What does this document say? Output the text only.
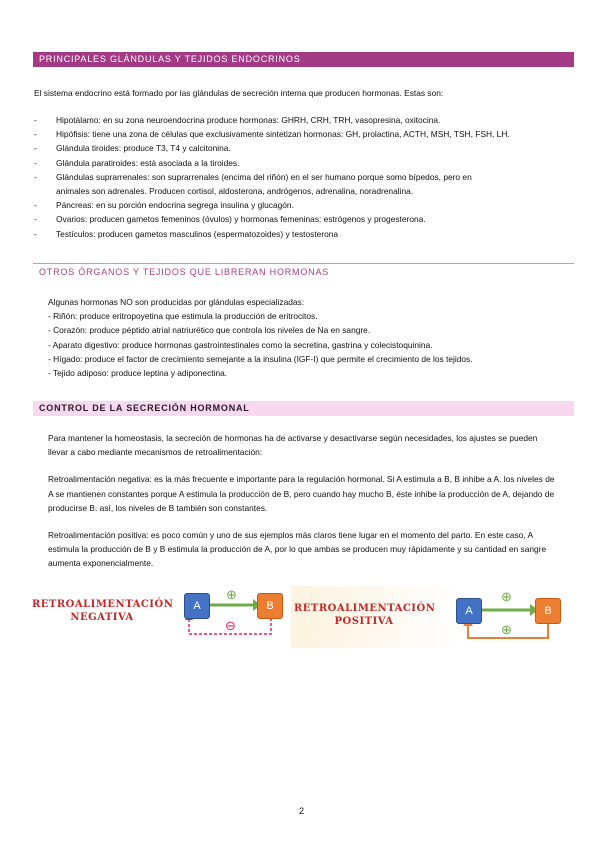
PRINCIPALES GLÁNDULAS Y TEJIDOS ENDOCRINOS
El sistema endocrino está formado por las glándulas de secreción interna que producen hormonas. Estas son:
- Hipotálamo: en su zona neuroendocrina produce hormonas: GHRH, CRH, TRH, vasopresina, oxitocina.
- Hipófisis: tiene una zona de células que exclusivamente sintetizan hormonas: GH, prolactina, ACTH, MSH, TSH, FSH, LH.
- Glándula tiroides: produce T3, T4 y calcitonina.
- Glándula paratiroides: está asociada a la tiroides.
- Glándulas suprarrenales: son suprarrenales (encima del riñón) en el ser humano porque somo bípedos, pero en
animales son adrenales. Producen cortisol, aldosterona, andrógenos, adrenalina, noradrenalina.
- Páncreas: en su porción endocrina segrega insulina y glucagón.
- Ovarios: producen gametos femeninos (óvulos) y hormonas femeninas: estrógenos y progesterona.
- Testículos: producen gametos masculinos (espermatozoides) y testosterona
OTROS ÓRGANOS Y TEJIDOS QUE LIBRERAN HORMONAS
Algunas hormonas NO son producidas por glándulas especializadas:
- Riñón: produce eritropoyetina que estimula la producción de eritrocitos.
- Corazón: produce péptido atrial natriurético que controla los niveles de Na en sangre.
- Aparato digestivo: produce hormonas gastrointestinales como la secretina, gastrina y colecistoquinina.
- Hígado: produce el factor de crecimiento semejante a la insulina (IGF-I) que permite el crecimiento de los tejidos.
- Tejido adiposo: produce leptina y adiponectina.
CONTROL DE LA SECRECIÓN HORMONAL

Para mantener la homeostasis, la secreción de hormonas ha de activarse y desactivarse según necesidades, los ajustes se pueden llevar a cabo mediante mecanismos de retroalimentación:

Retroalimentación negativa: es la más frecuente e importante para la regulación hormonal. Si A estimula a B, B inhibe a A. los niveles de A se mantienen constantes porque A estimula la producción de B, pero cuando hay mucho B, éste inhibe la producción de A, dejando de producirse B. así, los niveles de B también son constantes.

Retroalimentación positiva: es poco común y uno de sus ejemplos más claros tiene lugar en el momento del parto. En este caso, A estimula la producción de B y B estimula la producción de A, por lo que ambas se producen muy rápidamente y su cantidad en sangre aumenta exponencialmente.

RETROALIMENTACIÓN
NEGATIVA
A	B
⊕
⊖
RETROALIMENTACIÓN
POSITIVA
A	B
⊕
⊕
2
